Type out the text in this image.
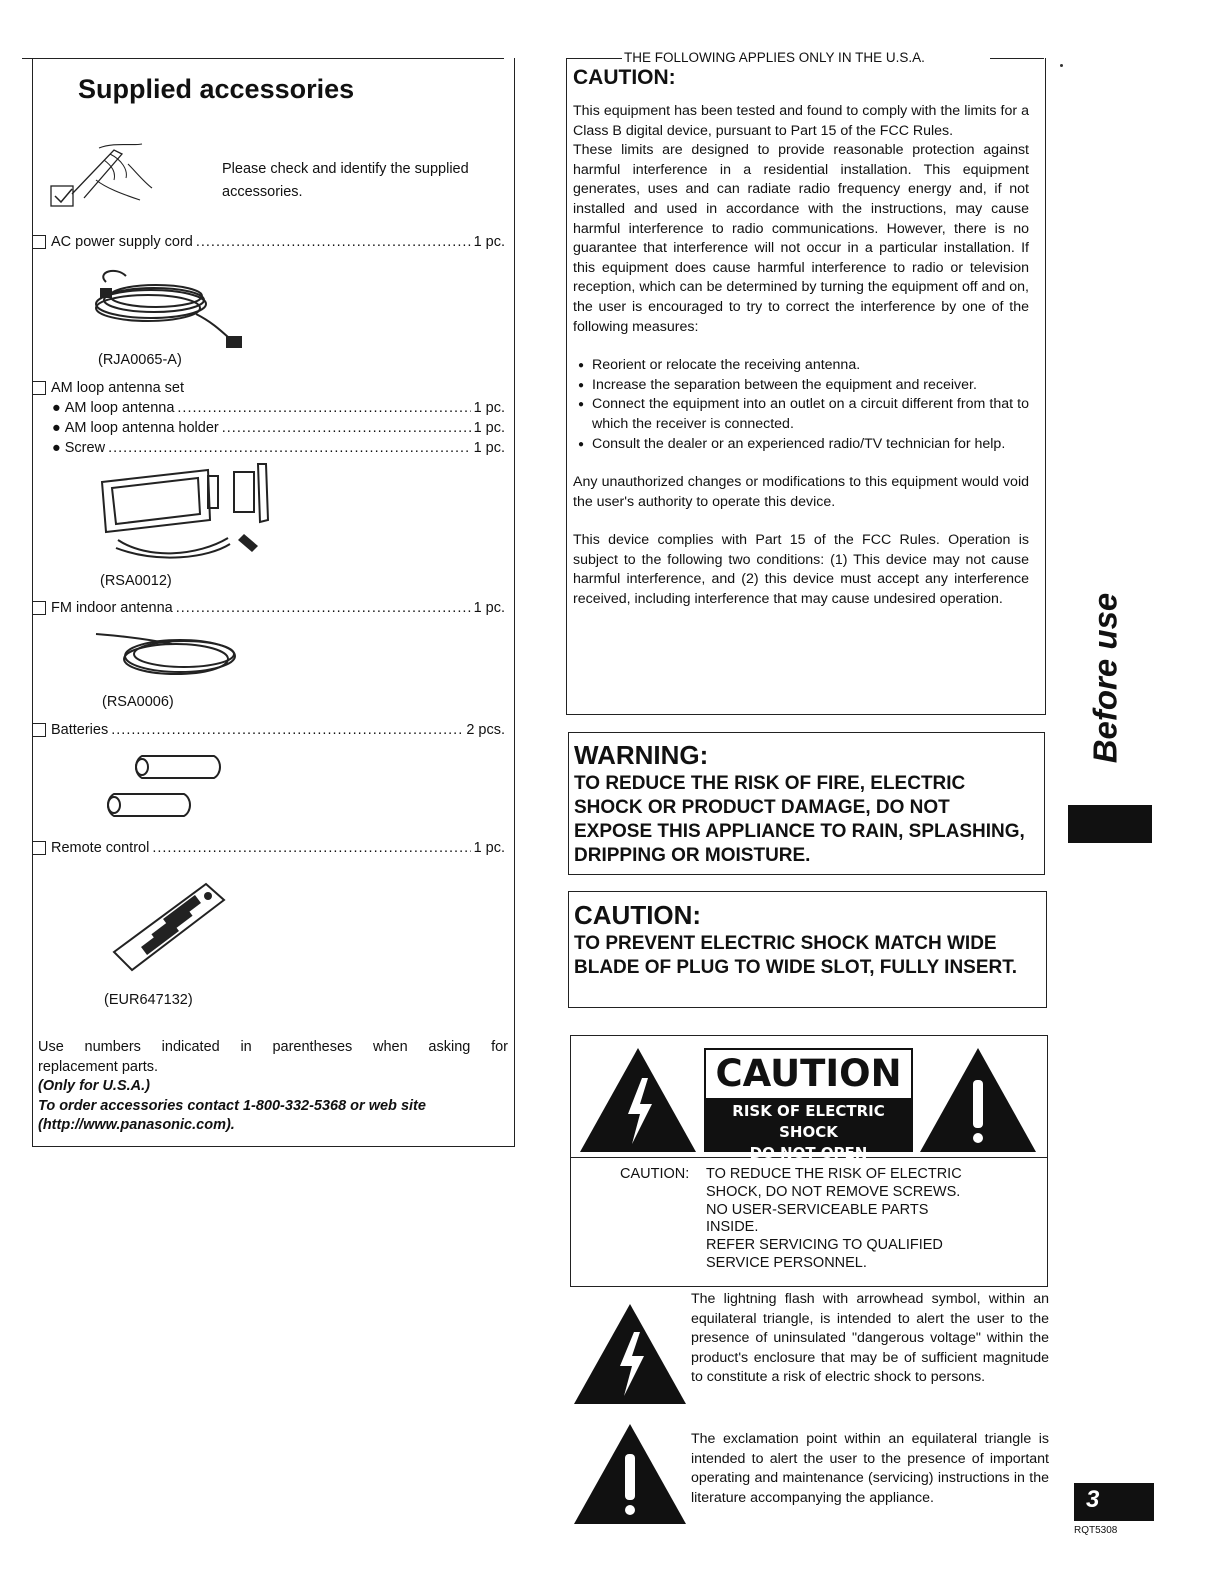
Supplied accessories
Please check and identify the supplied accessories.
AC power supply cord .....	1 pc.
(RJA0065-A)
AM loop antenna set
● AM loop antenna .....	1 pc.
● AM loop antenna holder .....	1 pc.
● Screw .....	1 pc.
(RSA0012)
FM indoor antenna .....	1 pc.
(RSA0006)
Batteries .....	2 pcs.
Remote control .....	1 pc.
(EUR647132)

Use numbers indicated in parentheses when asking for

replacement parts.

(Only for U.S.A.)

To order accessories contact 1-800-332-5368 or web site (http://www.panasonic.com).

THE FOLLOWING APPLIES ONLY IN THE U.S.A.
CAUTION:

This equipment has been tested and found to comply with the limits for a Class B digital device, pursuant to Part 15 of the FCC Rules.

These limits are designed to provide reasonable protection against harmful interference in a residential installation. This equipment generates, uses and can radiate radio frequency energy and, if not installed and used in accordance with the instructions, may cause harmful interference to radio communications. However, there is no guarantee that interference will not occur in a particular installation. If this equipment does cause harmful interference to radio or television reception, which can be determined by turning the equipment off and on, the user is encouraged to try to correct the interference by one of the following measures:

● Reorient or relocate the receiving antenna.
● Increase the separation between the equipment and receiver.
● Connect the equipment into an outlet on a circuit different from that to which the receiver is connected.
● Consult the dealer or an experienced radio/TV technician for help.

Any unauthorized changes or modifications to this equipment would void the user's authority to operate this device.

This device complies with Part 15 of the FCC Rules. Operation is subject to the following two conditions: (1) This device may not cause harmful interference, and (2) this device must accept any interference received, including interference that may cause undesired operation.

WARNING:
TO REDUCE THE RISK OF FIRE, ELECTRIC SHOCK OR PRODUCT DAMAGE, DO NOT EXPOSE THIS APPLIANCE TO RAIN, SPLASHING, DRIPPING OR MOISTURE.
CAUTION:
TO PREVENT ELECTRIC SHOCK MATCH WIDE BLADE OF PLUG TO WIDE SLOT, FULLY INSERT.
CAUTION
RISK OF ELECTRIC SHOCK
DO NOT OPEN
CAUTION: TO REDUCE THE RISK OF ELECTRIC
SHOCK, DO NOT REMOVE SCREWS.
NO USER-SERVICEABLE PARTS
INSIDE.
REFER SERVICING TO QUALIFIED
SERVICE PERSONNEL.
The lightning flash with arrowhead symbol, within an equilateral triangle, is intended to alert the user to the presence of uninsulated "dangerous voltage" within the product's enclosure that may be of sufficient magnitude to constitute a risk of electric shock to persons.
The exclamation point within an equilateral triangle is intended to alert the user to the presence of important operating and maintenance (servicing) instructions in the literature accompanying the appliance.
Before use
3
RQT5308
